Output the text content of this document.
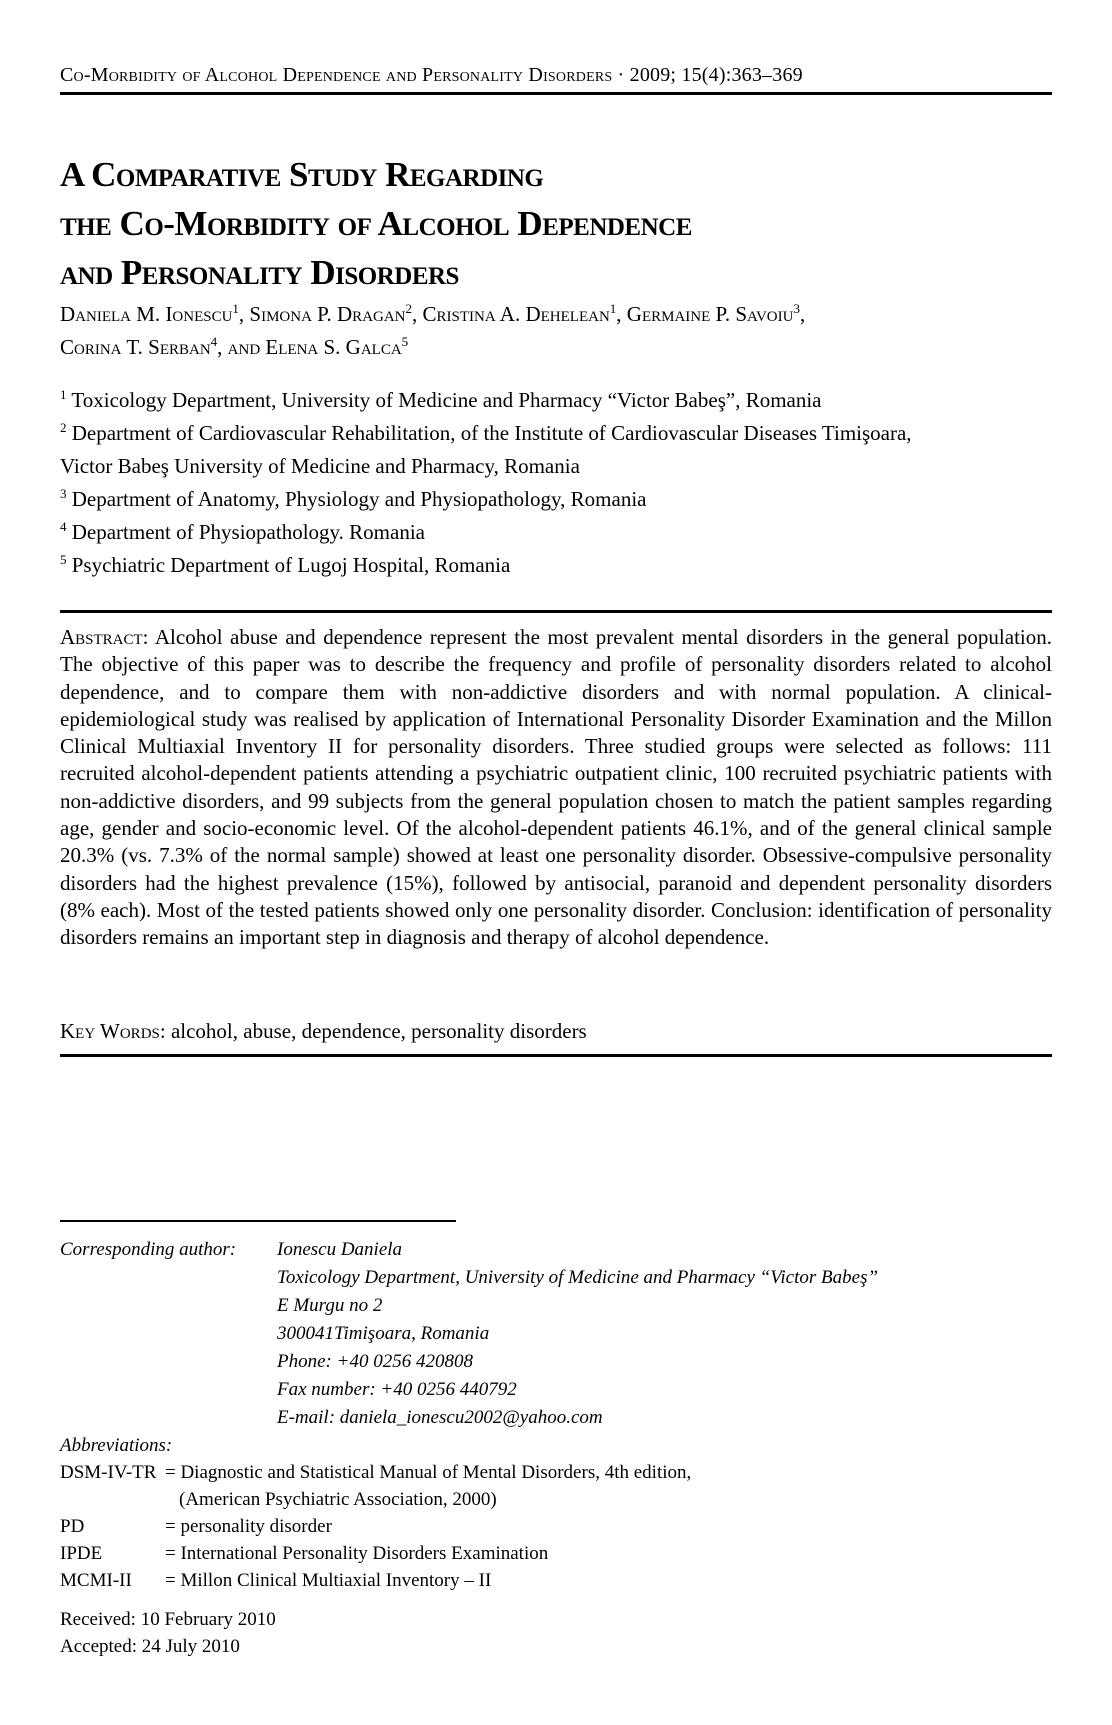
Co-Morbidity of Alcohol Dependence and Personality Disorders · 2009; 15(4):363–369
A Comparative Study Regarding
the Co-Morbidity of Alcohol Dependence
and Personality Disorders
Daniela M. Ionescu$^1$, Simona P. Dragan$^2$, Cristina A. Dehelean$^1$, Germaine P. Savoiu$^3$,
Corina T. Serban$^4$, and Elena S. Galca$^5$
$^1$ Toxicology Department, University of Medicine and Pharmacy “Victor Babeş”, Romania
$^2$ Department of Cardiovascular Rehabilitation, of the Institute of Cardiovascular Diseases Timişoara,
Victor Babeş University of Medicine and Pharmacy, Romania
$^3$ Department of Anatomy, Physiology and Physiopathology, Romania
$^4$ Department of Physiopathology. Romania
$^5$ Psychiatric Department of Lugoj Hospital, Romania

Abstract: Alcohol abuse and dependence represent the most prevalent mental disorders in the general population. The objective of this paper was to describe the frequency and profile of personality disorders related to alcohol dependence, and to compare them with non-addictive disorders and with normal population. A clinical-epidemiological study was realised by application of International Personality Disorder Examination and the Millon Clinical Multiaxial Inventory II for personality disorders. Three studied groups were selected as follows: 111 recruited alcohol-dependent patients attending a psychiatric outpatient clinic, 100 recruited psychiatric patients with non-addictive disorders, and 99 subjects from the general population chosen to match the patient samples regarding age, gender and socio-economic level. Of the alcohol-dependent patients 46.1%, and of the general clinical sample 20.3% (vs. 7.3% of the normal sample) showed at least one personality disorder. Obsessive-compulsive personality disorders had the highest prevalence (15%), followed by antisocial, paranoid and dependent personality disorders (8% each). Most of the tested patients showed only one personality disorder. Conclusion: identification of personality disorders remains an important step in diagnosis and therapy of alcohol dependence.

Key Words: alcohol, abuse, dependence, personality disorders
Corresponding author:	Ionescu Daniela
Toxicology Department, University of Medicine and Pharmacy “Victor Babeş”
E Murgu no 2
300041Timişoara, Romania
Phone: +40 0256 420808
Fax number: +40 0256 440792
E-mail: daniela_ionescu2002@yahoo.com
Abbreviations:
DSM-IV-TR = Diagnostic and Statistical Manual of Mental Disorders, 4th edition,
(American Psychiatric Association, 2000)
PD	= personality disorder
IPDE	= International Personality Disorders Examination
MCMI-II	= Millon Clinical Multiaxial Inventory – II
Received: 10 February 2010
Accepted: 24 July 2010
